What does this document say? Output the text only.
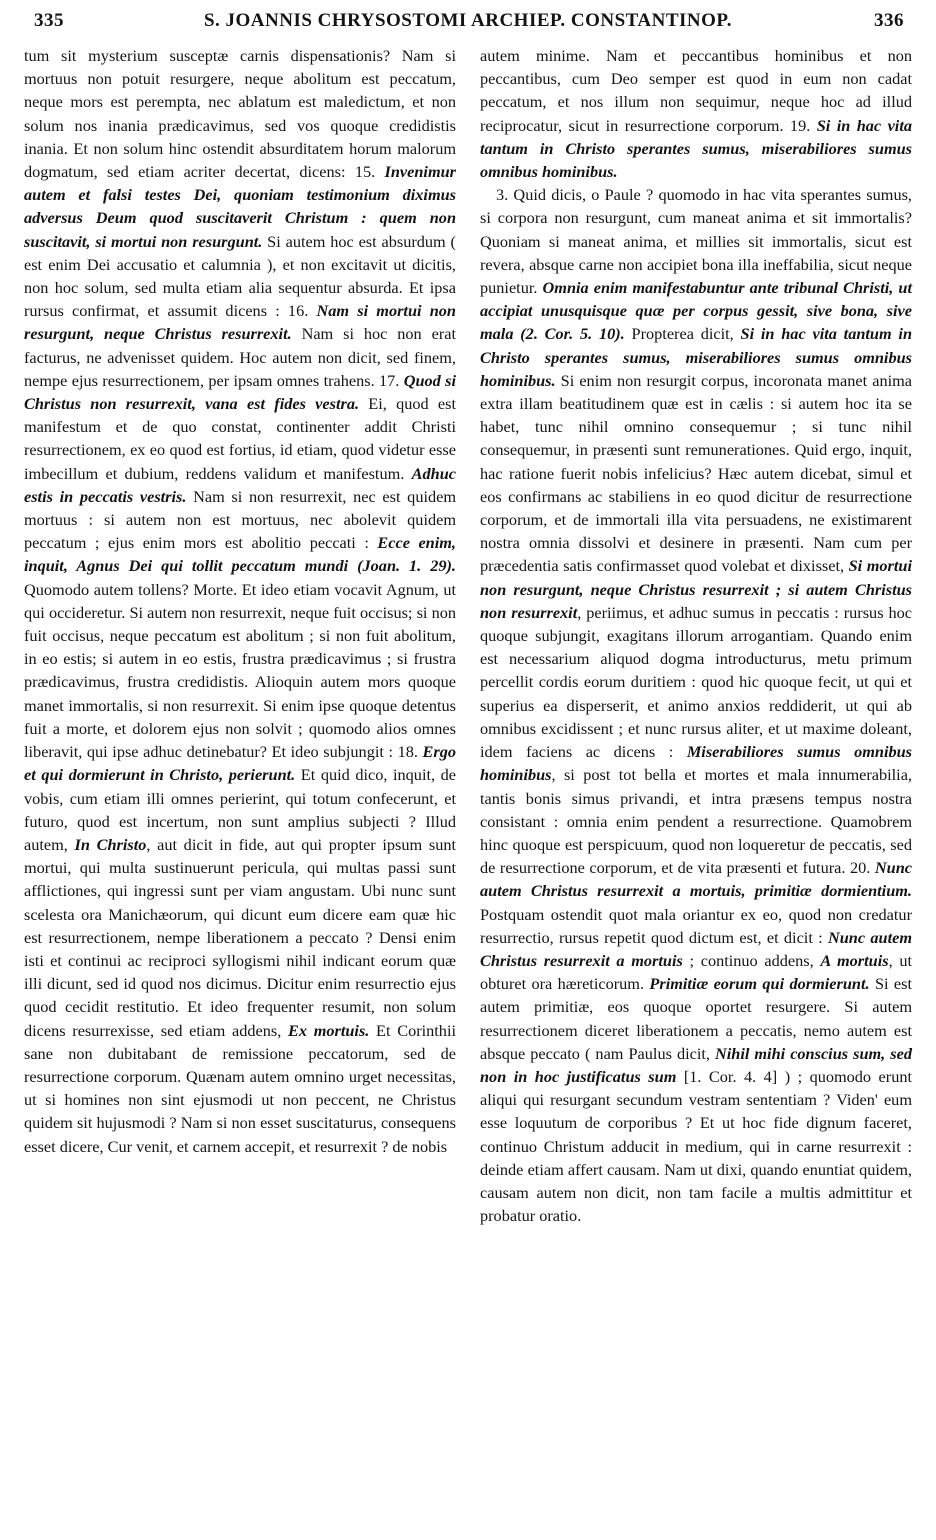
335	S. JOANNIS CHRYSOSTOMI ARCHIEP. CONSTANTINOP.	336

tum sit mysterium susceptæ carnis dispensationis? Nam si mortuus non potuit resurgere, neque abolitum est peccatum, neque mors est perempta, nec ablatum est maledictum, et non solum nos inania prædicavimus, sed vos quoque credidistis inania. Et non solum hinc ostendit absurditatem horum malorum dogmatum, sed etiam acriter decertat, dicens: 15. Invenimur autem et falsi testes Dei, quoniam testimonium diximus adversus Deum quod suscitaverit Christum : quem non suscitavit, si mortui non resurgunt. Si autem hoc est absurdum ( est enim Dei accusatio et calumnia ), et non excitavit ut dicitis, non hoc solum, sed multa etiam alia sequentur absurda. Et ipsa rursus confirmat, et assumit dicens : 16. Nam si mortui non resurgunt, neque Christus resurrexit. Nam si hoc non erat facturus, ne advenisset quidem. Hoc autem non dicit, sed finem, nempe ejus resurrectionem, per ipsam omnes trahens. 17. Quod si Christus non resurrexit, vana est fides vestra. Ei, quod est manifestum et de quo constat, continenter addit Christi resurrectionem, ex eo quod est fortius, id etiam, quod videtur esse imbecillum et dubium, reddens validum et manifestum. Adhuc estis in peccatis vestris. Nam si non resurrexit, nec est quidem mortuus : si autem non est mortuus, nec abolevit quidem peccatum ; ejus enim mors est abolitio peccati : Ecce enim, inquit, Agnus Dei qui tollit peccatum mundi (Joan. 1. 29). Quomodo autem tollens? Morte. Et ideo etiam vocavit Agnum, ut qui occideretur. Si autem non resurrexit, neque fuit occisus; si non fuit occisus, neque peccatum est abolitum ; si non fuit abolitum, in eo estis; si autem in eo estis, frustra prædicavimus ; si frustra prædicavimus, frustra credidistis. Alioquin autem mors quoque manet immortalis, si non resurrexit. Si enim ipse quoque detentus fuit a morte, et dolorem ejus non solvit ; quomodo alios omnes liberavit, qui ipse adhuc detinebatur? Et ideo subjungit : 18. Ergo et qui dormierunt in Christo, perierunt. Et quid dico, inquit, de vobis, cum etiam illi omnes perierint, qui totum confecerunt, et futuro, quod est incertum, non sunt amplius subjecti ? Illud autem, In Christo, aut dicit in fide, aut qui propter ipsum sunt mortui, qui multa sustinuerunt pericula, qui multas passi sunt afflictiones, qui ingressi sunt per viam angustam. Ubi nunc sunt scelesta ora Manichæorum, qui dicunt eum dicere eam quæ hic est resurrectionem, nempe liberationem a peccato ? Densi enim isti et continui ac reciproci syllogismi nihil indicant eorum quæ illi dicunt, sed id quod nos dicimus. Dicitur enim resurrectio ejus quod cecidit restitutio. Et ideo frequenter resumit, non solum dicens resurrexisse, sed etiam addens, Ex mortuis. Et Corinthii sane non dubitabant de remissione peccatorum, sed de resurrectione corporum. Quænam autem omnino urget necessitas, ut si homines non sint ejusmodi ut non peccent, ne Christus quidem sit hujusmodi ? Nam si non esset suscitaturus, consequens esset dicere, Cur venit, et carnem accepit, et resurrexit ? de nobis

autem minime. Nam et peccantibus hominibus et non peccantibus, cum Deo semper est quod in eum non cadat peccatum, et nos illum non sequimur, neque hoc ad illud reciprocatur, sicut in resurrectione corporum. 19. Si in hac vita tantum in Christo sperantes sumus, miserabiliores sumus omnibus hominibus.

3. Quid dicis, o Paule ? quomodo in hac vita sperantes sumus, si corpora non resurgunt, cum maneat anima et sit immortalis? Quoniam si maneat anima, et millies sit immortalis, sicut est revera, absque carne non accipiet bona illa ineffabilia, sicut neque punietur. Omnia enim manifestabuntur ante tribunal Christi, ut accipiat unusquisque quæ per corpus gessit, sive bona, sive mala (2. Cor. 5. 10). Propterea dicit, Si in hac vita tantum in Christo sperantes sumus, miserabiliores sumus omnibus hominibus. Si enim non resurgit corpus, incoronata manet anima extra illam beatitudinem quæ est in cælis : si autem hoc ita se habet, tunc nihil omnino consequemur ; si tunc nihil consequemur, in præsenti sunt remunerationes. Quid ergo, inquit, hac ratione fuerit nobis infelicius? Hæc autem dicebat, simul et eos confirmans ac stabiliens in eo quod dicitur de resurrectione corporum, et de immortali illa vita persuadens, ne existimarent nostra omnia dissolvi et desinere in præsenti. Nam cum per præcedentia satis confirmasset quod volebat et dixisset, Si mortui non resurgunt, neque Christus resurrexit ; si autem Christus non resurrexit, periimus, et adhuc sumus in peccatis : rursus hoc quoque subjungit, exagitans illorum arrogantiam. Quando enim est necessarium aliquod dogma introducturus, metu primum percellit cordis eorum duritiem : quod hic quoque fecit, ut qui et superius ea disperserit, et animo anxios reddiderit, ut qui ab omnibus excidissent ; et nunc rursus aliter, et ut maxime doleant, idem faciens ac dicens : Miserabiliores sumus omnibus hominibus, si post tot bella et mortes et mala innumerabilia, tantis bonis simus privandi, et intra præsens tempus nostra consistant : omnia enim pendent a resurrectione. Quamobrem hinc quoque est perspicuum, quod non loqueretur de peccatis, sed de resurrectione corporum, et de vita præsenti et futura. 20. Nunc autem Christus resurrexit a mortuis, primitiæ dormientium. Postquam ostendit quot mala oriantur ex eo, quod non credatur resurrectio, rursus repetit quod dictum est, et dicit : Nunc autem Christus resurrexit a mortuis ; continuo addens, A mortuis, ut obturet ora hæreticorum. Primitiæ eorum qui dormierunt. Si est autem primitiæ, eos quoque oportet resurgere. Si autem resurrectionem diceret liberationem a peccatis, nemo autem est absque peccato ( nam Paulus dicit, Nihil mihi conscius sum, sed non in hoc justificatus sum [1. Cor. 4. 4] ) ; quomodo erunt aliqui qui resurgant secundum vestram sententiam ? Viden' eum esse loquutum de corporibus ? Et ut hoc fide dignum faceret, continuo Christum adducit in medium, qui in carne resurrexit : deinde etiam affert causam. Nam ut dixi, quando enuntiat quidem, causam autem non dicit, non tam facile a multis admittitur et probatur oratio.
